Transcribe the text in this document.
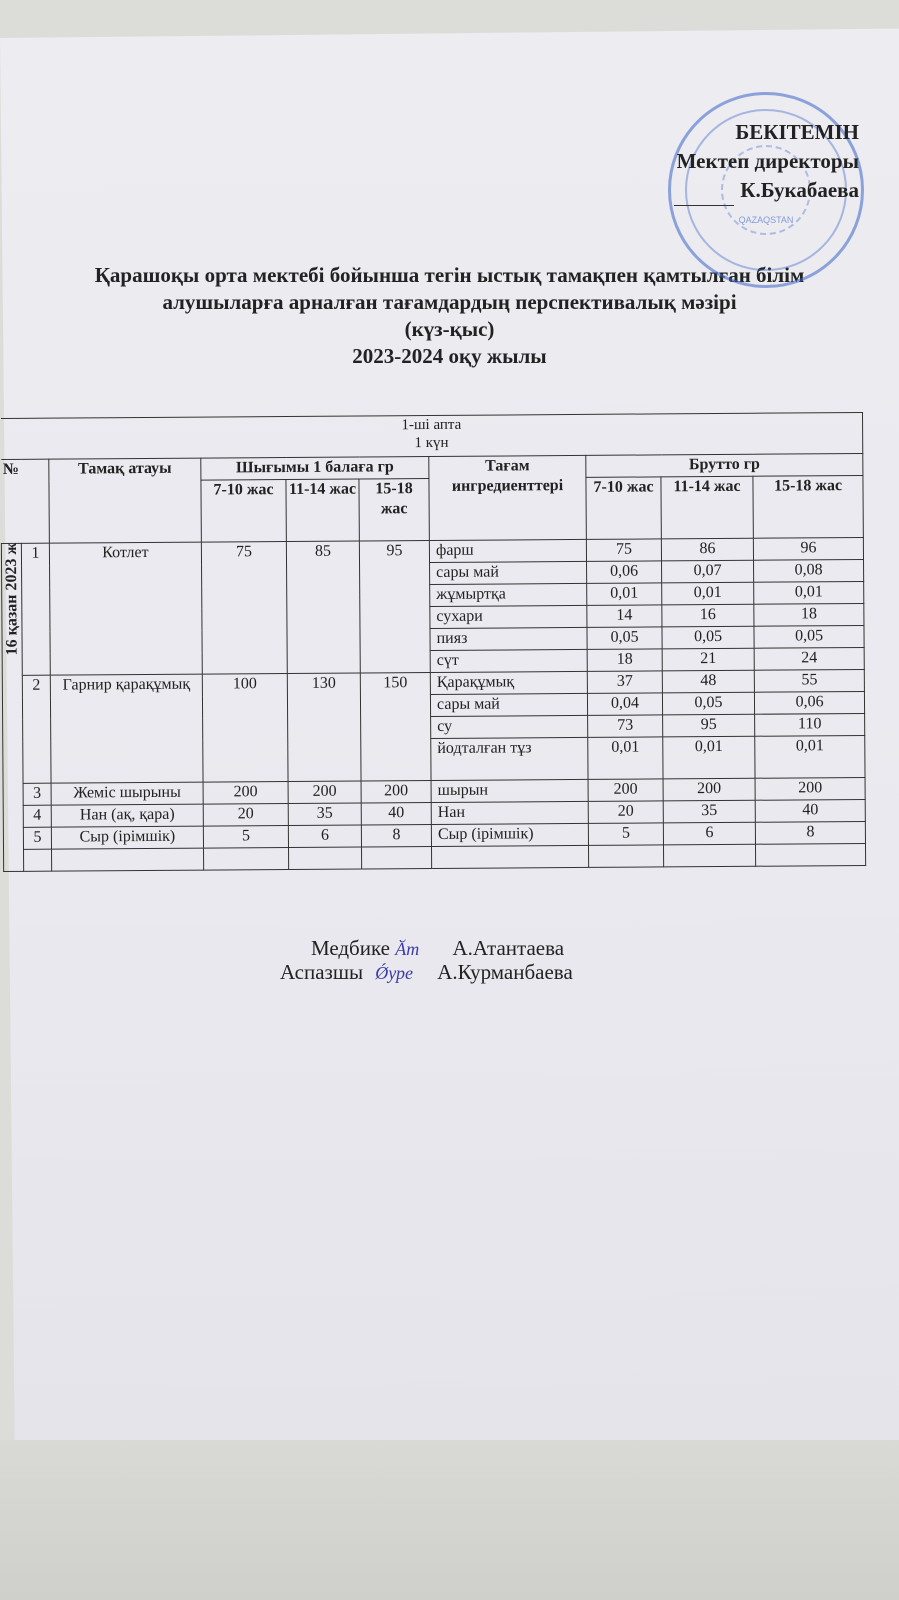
QAZAQSTAN
БЕКІТЕМІН
Мектеп директоры
К.Букабаева
Қарашоқы орта мектебі бойынша тегін ыстық тамақпен қамтылған білім
алушыларға арналған тағамдардың перспективалық мәзірі
(күз-қыс)
2023-2024 оқу жылы
1-ші апта
1 күн									

№		Тамақ атауы	Шығымы 1 балаға гр			Тағам ингредиенттері	Брутто гр		
			7-10 жас	11-14 жас	15-18 жас		7-10 жас	11-14 жас	15-18 жас

16 қазан 2023 ж	1	Котлет	75	85	95	фарш	75	86	96
						сары май	0,06	0,07	0,08
						жұмыртқа	0,01	0,01	0,01
						сухари	14	16	18
						пияз	0,05	0,05	0,05
						сүт	18	21	24
	2	Гарнир қарақұмық	100	130	150	Қарақұмық	37	48	55
						сары май	0,04	0,05	0,06
						су	73	95	110
						йодталған тұз	0,01	0,01	0,01
	3	Жеміс шырыны	200	200	200	шырын	200	200	200
	4	Нан (ақ, қара)	20	35	40	Нан	20	35	40
	5	Сыр (ірімшік)	5	6	8	Сыр (ірімшік)	5	6	8

Медбике Ӑт А.Атантаева
Аспазшы Ǿуре А.Курманбаева
